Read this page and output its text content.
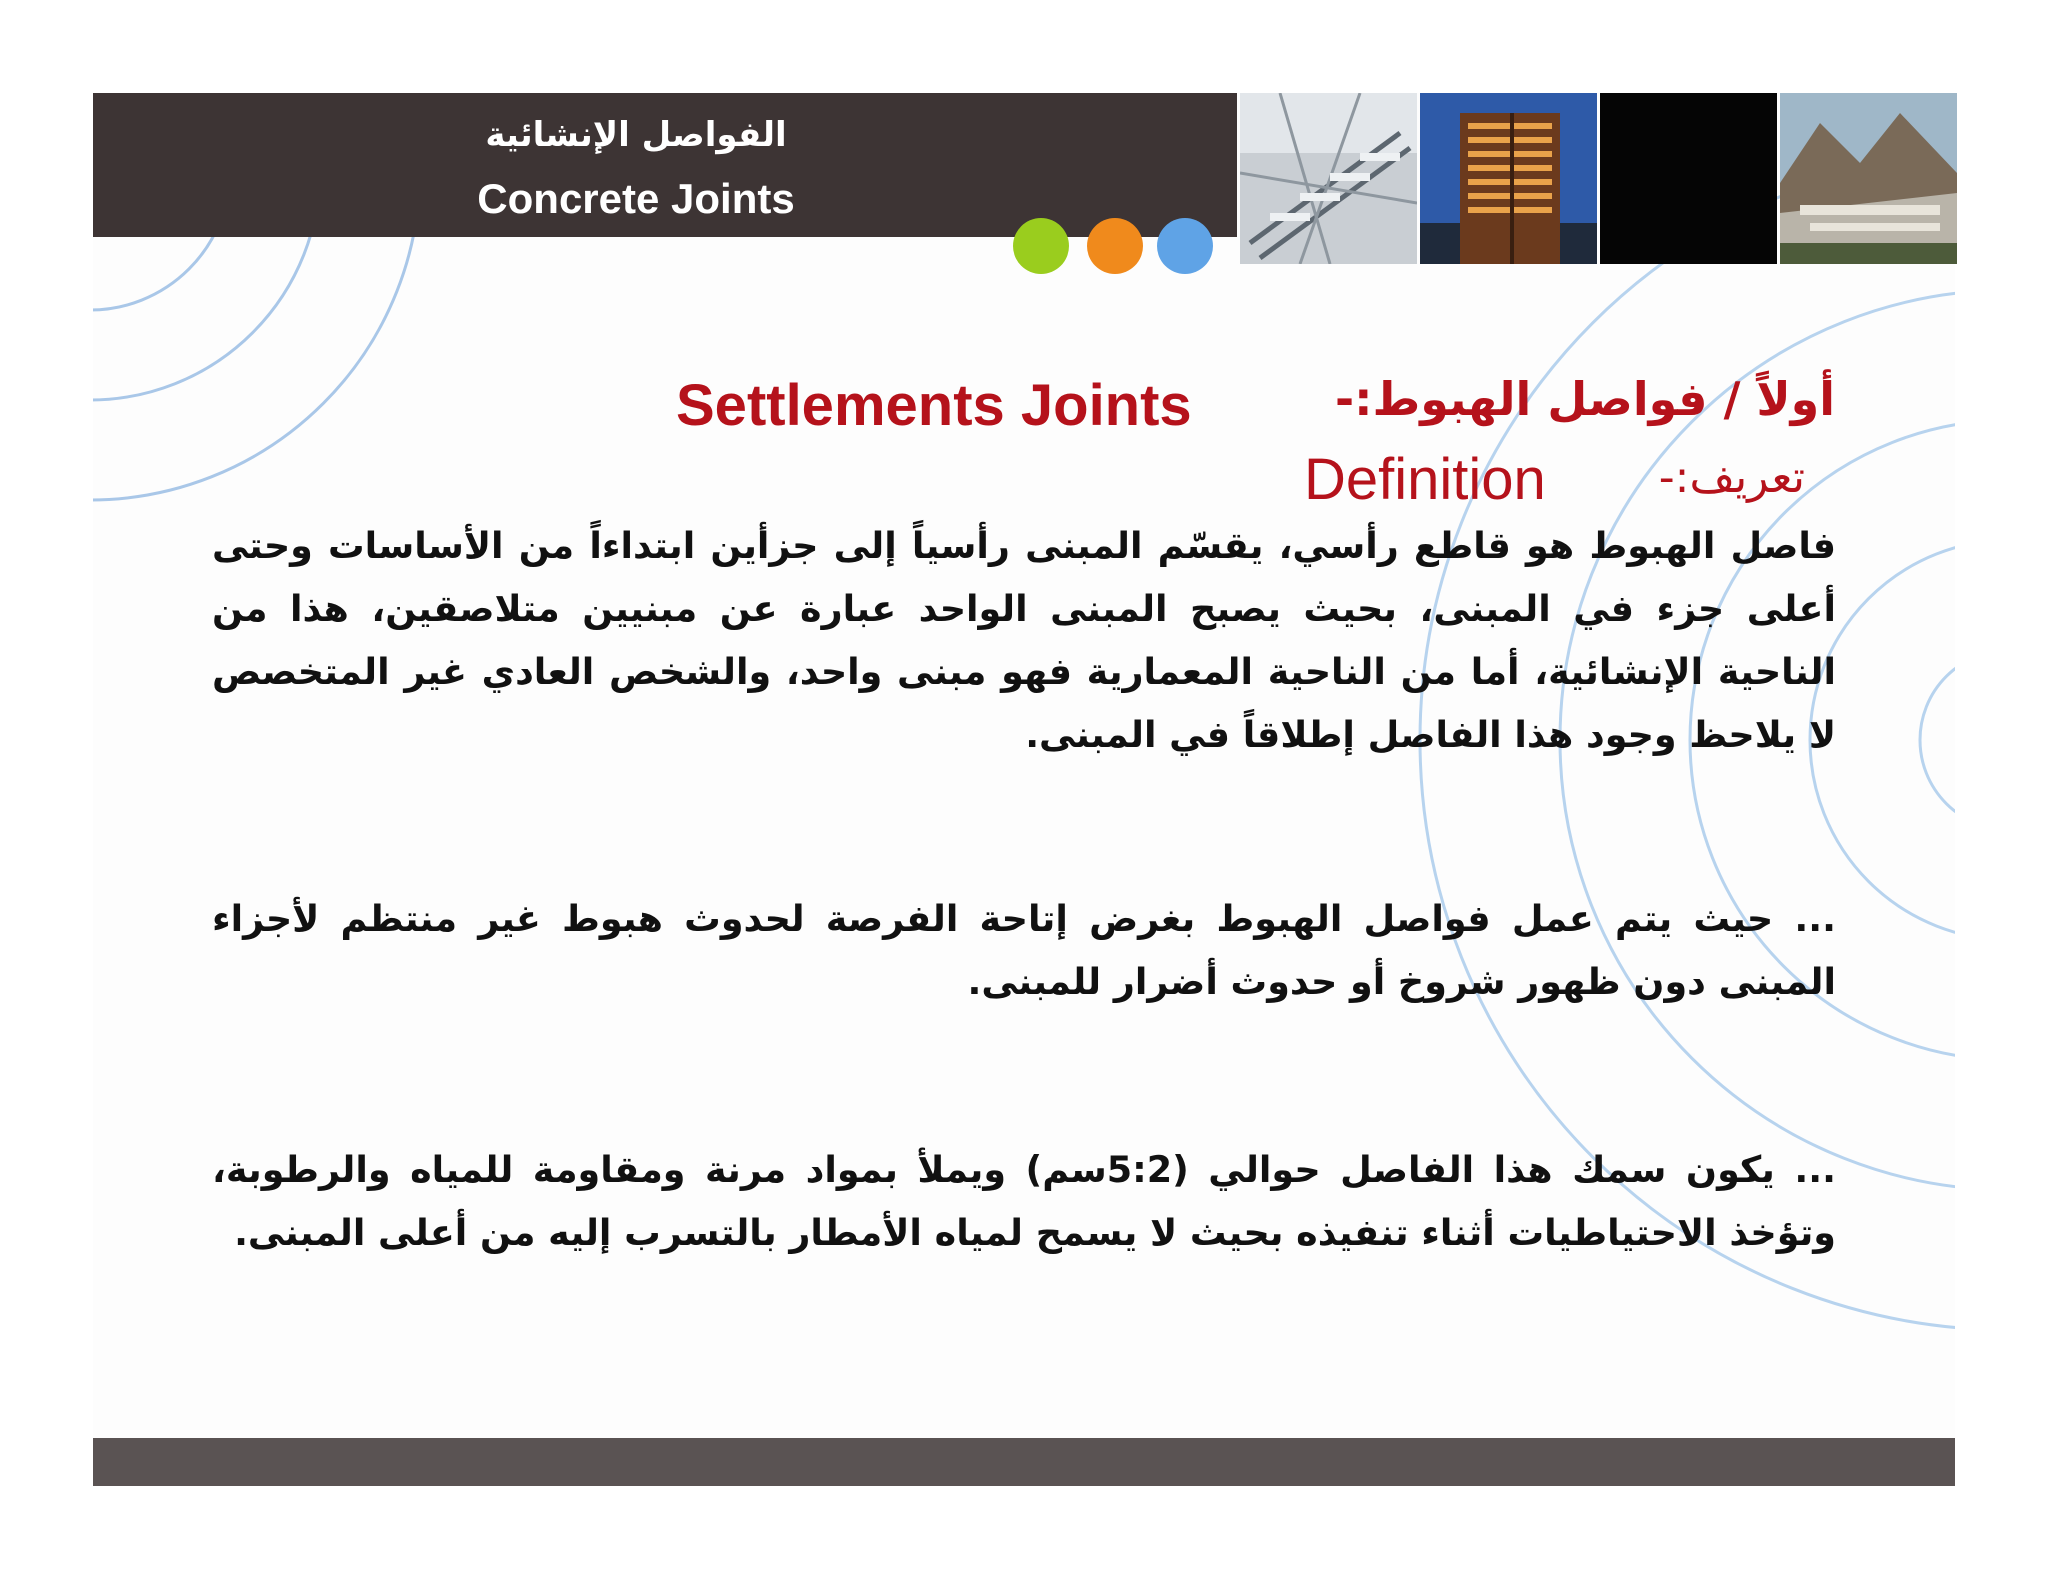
الفواصل الإنشائية
Concrete Joints
Settlements Joints	أولاً / فواصل الهبوط:-
Definition	تعريف:-
فاصل الهبوط هو قاطع رأسي، يقسّم المبنى رأسياً إلى جزأين ابتداءاً من الأساسات وحتى أعلى جزء في المبنى، بحيث يصبح المبنى الواحد عبارة عن مبنيين متلاصقين، هذا من الناحية الإنشائية، أما من الناحية المعمارية فهو مبنى واحد، والشخص العادي غير المتخصص لا يلاحظ وجود هذا الفاصل إطلاقاً في المبنى.
... حيث يتم عمل فواصل الهبوط بغرض إتاحة الفرصة لحدوث هبوط غير منتظم لأجزاء المبنى دون ظهور شروخ أو حدوث أضرار للمبنى.
... يكون سمك هذا الفاصل حوالي (5:2سم) ويملأ بمواد مرنة ومقاومة للمياه والرطوبة، وتؤخذ الاحتياطيات أثناء تنفيذه بحيث لا يسمح لمياه الأمطار بالتسرب إليه من أعلى المبنى.
